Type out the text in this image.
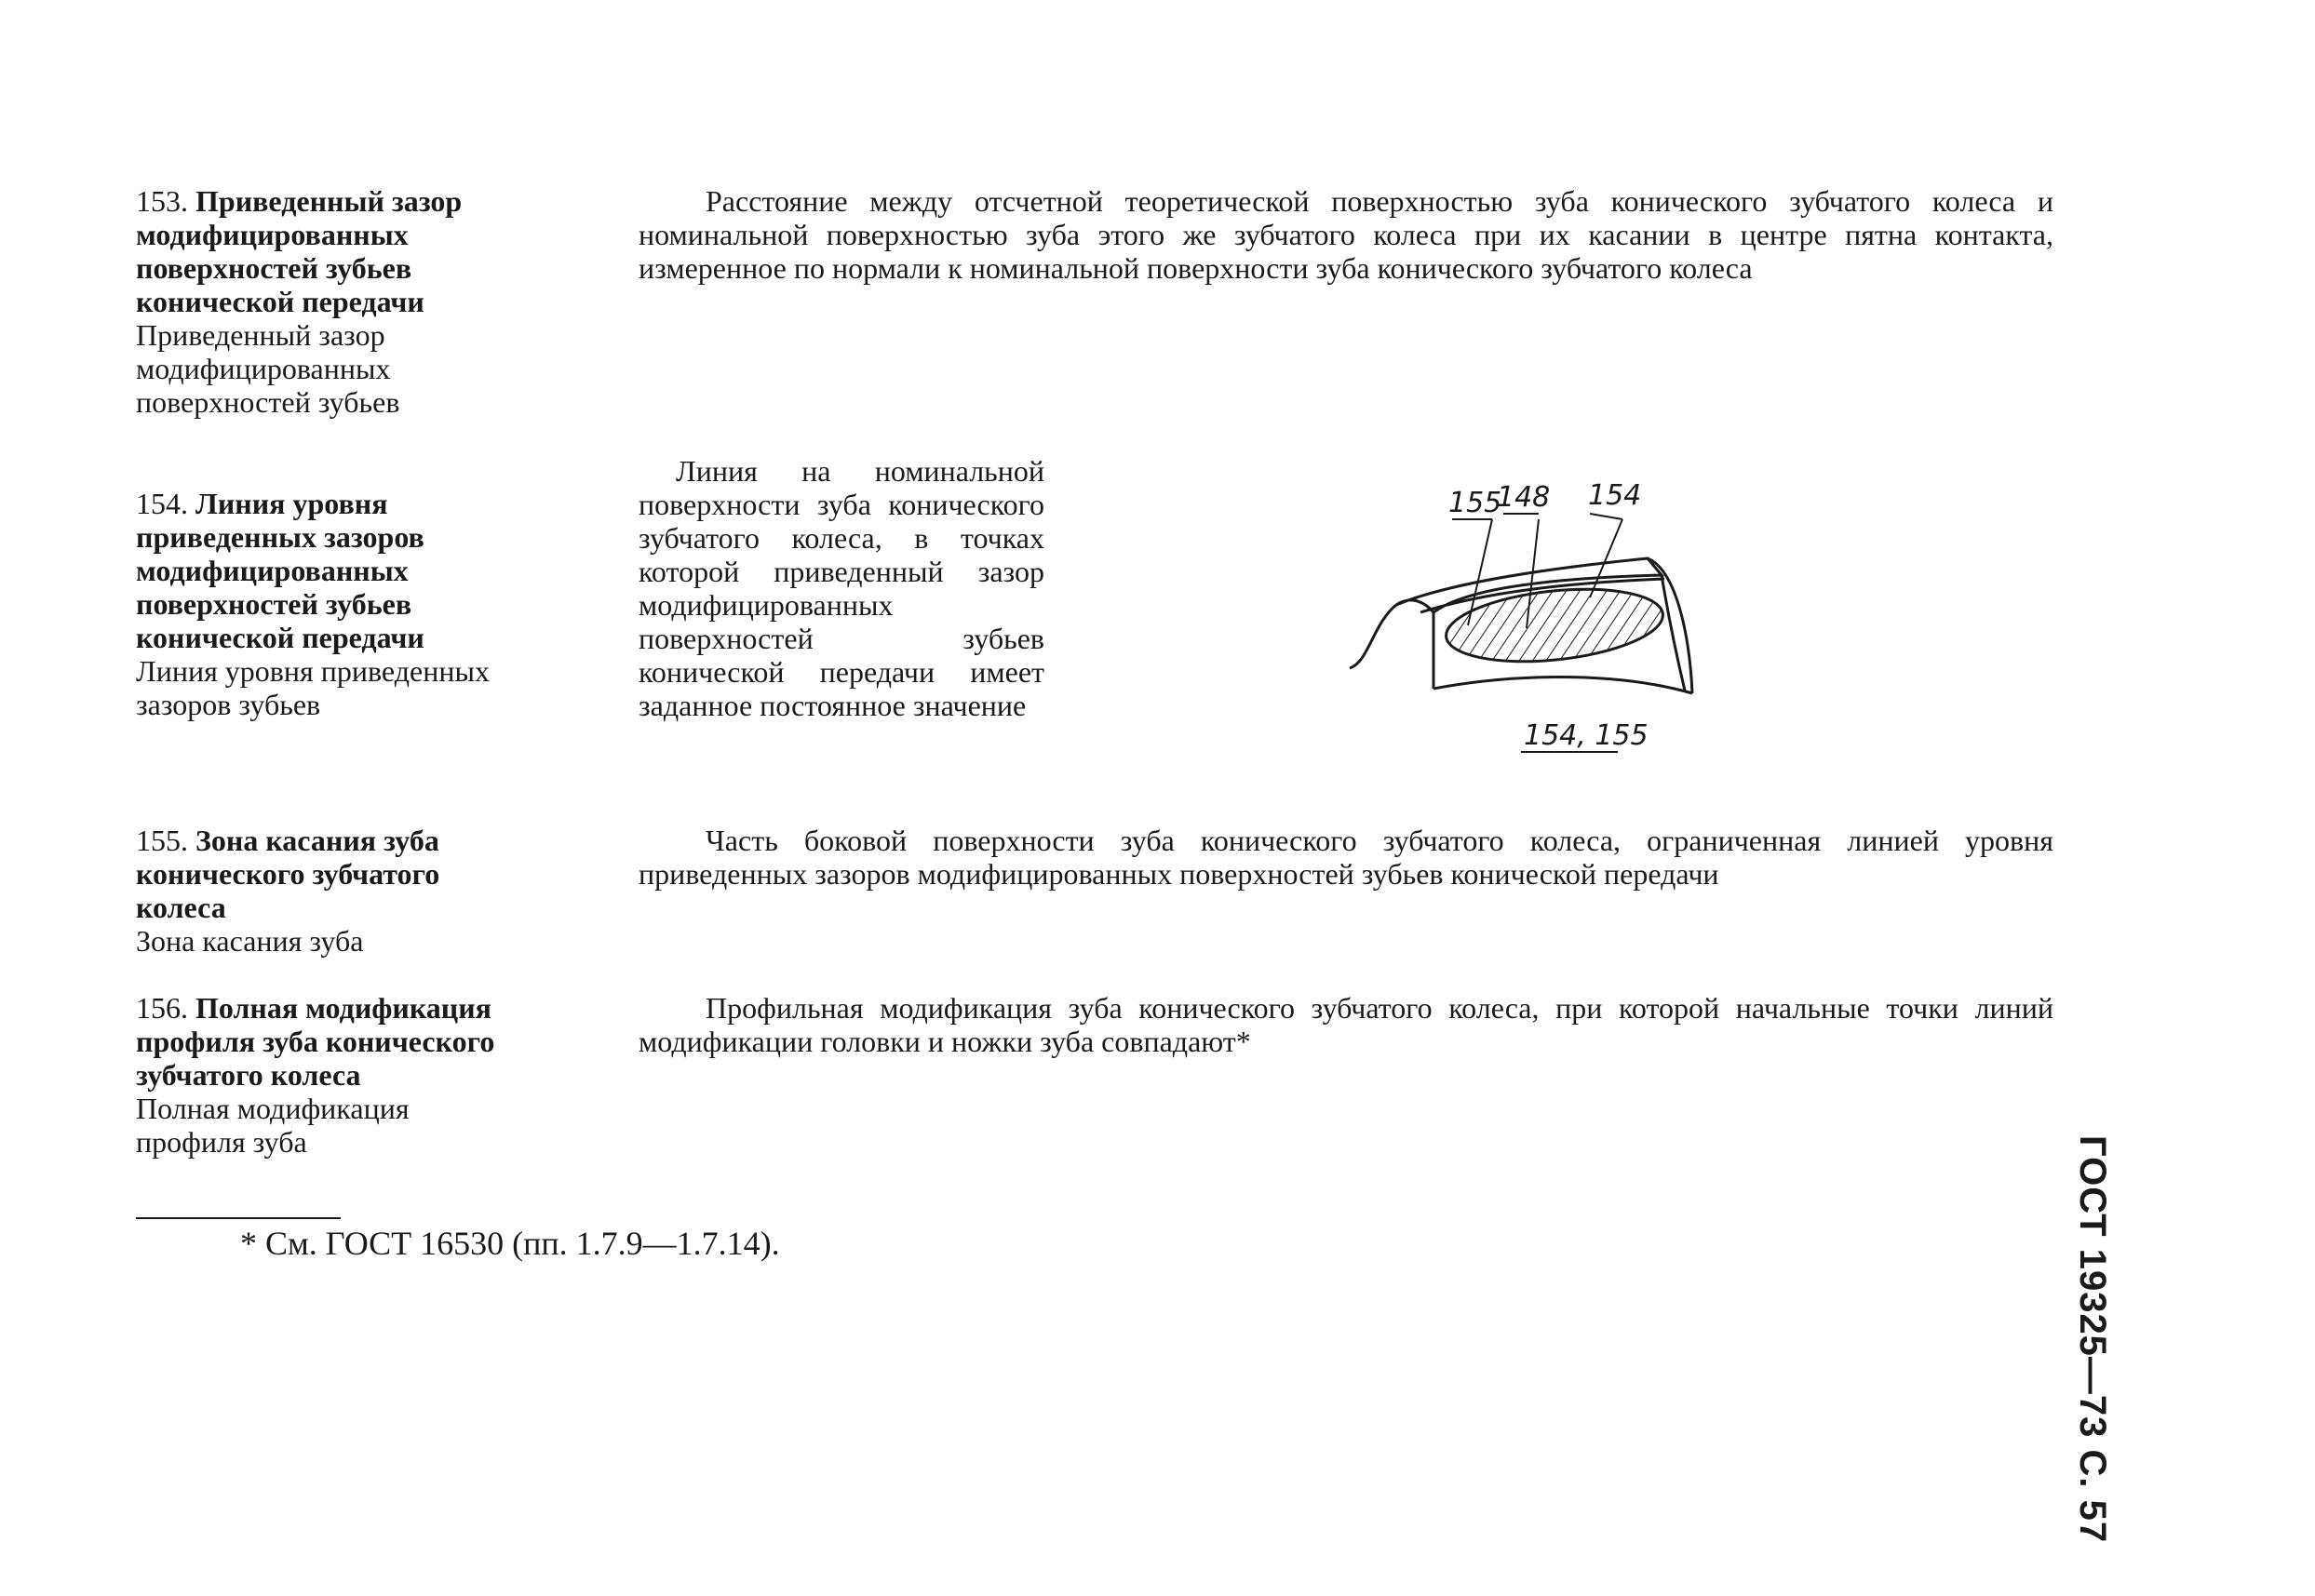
153. Приведенный зазор модифицированных поверхностей зубьев конической передачи
Приведенный зазор модифицированных поверхностей зубьев
Расстояние между отсчетной теоретической поверхностью зуба конического зубчатого колеса и номинальной поверхностью зуба этого же зубчатого колеса при их касании в центре пятна контакта, измеренное по нормали к номинальной поверхности зуба конического зубчатого колеса
154. Линия уровня приведенных зазоров модифицированных поверхностей зубьев конической передачи
Линия уровня приведенных зазоров зубьев
Линия на номинальной поверхности зуба конического зубчатого колеса, в точках которой приведенный зазор модифицированных поверхностей зубьев конической передачи имеет заданное постоянное значение
155
148 154
154, 155
155. Зона касания зуба конического зубчатого колеса
Зона касания зуба
Часть боковой поверхности зуба конического зубчатого колеса, ограниченная линией уровня приведенных зазоров модифицированных поверхностей зубьев конической передачи
156. Полная модификация профиля зуба конического зубчатого колеса
Полная модификация профиля зуба
Профильная модификация зуба конического зубчатого колеса, при которой начальные точки линий модификации головки и ножки зуба совпадают*
* См. ГОСТ 16530 (пп. 1.7.9—1.7.14).	ГОСТ 19325—73 С. 57
